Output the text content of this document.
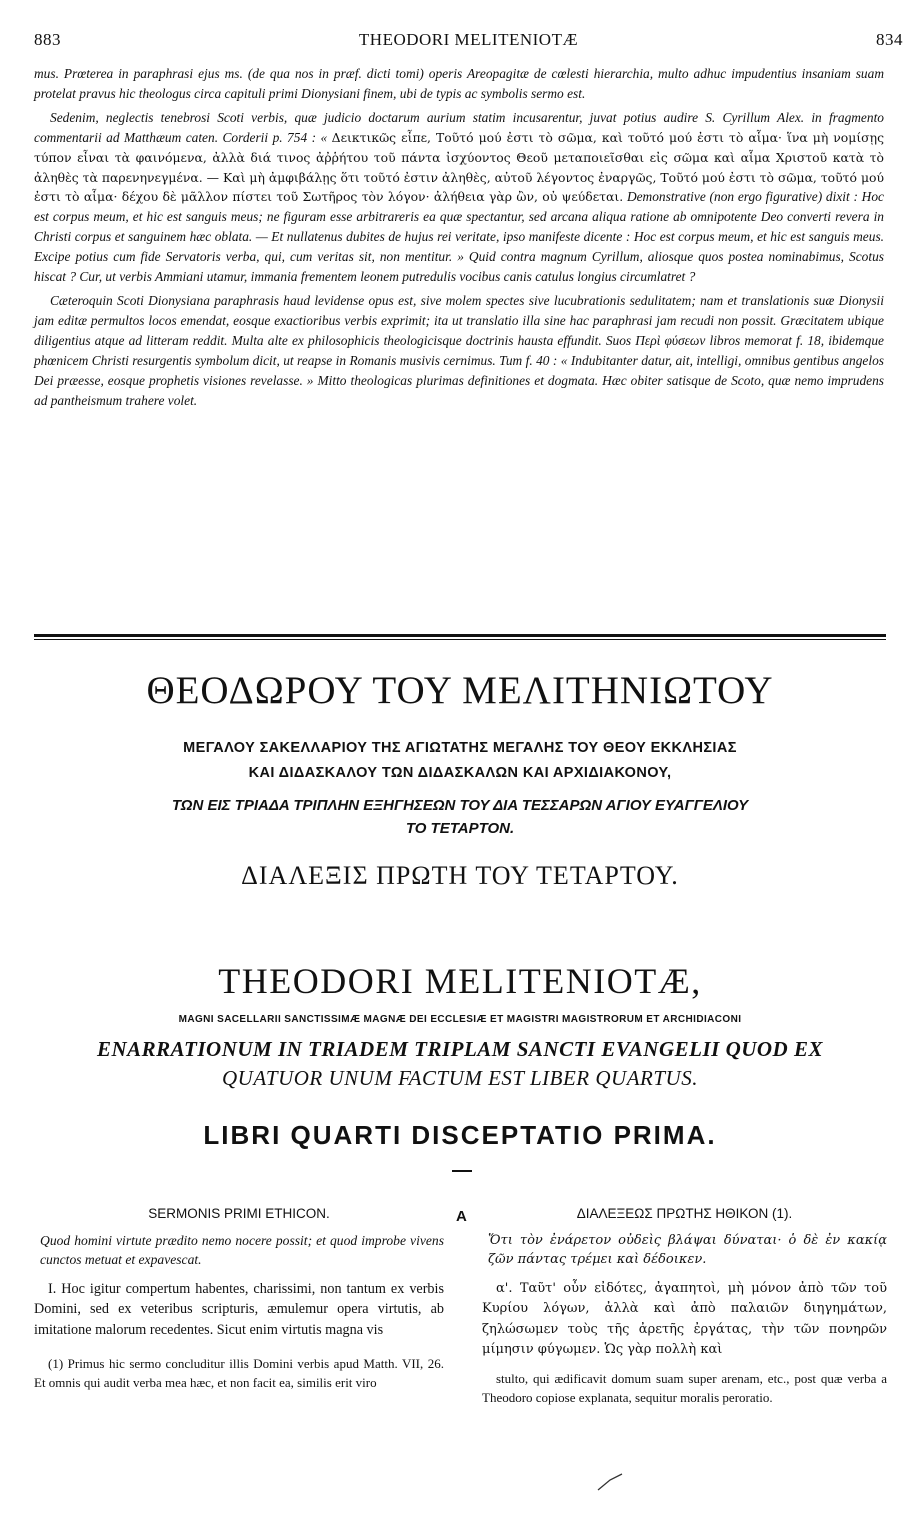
883	THEODORI MELITENIOTÆ	834

mus. Prœterea in paraphrasi ejus ms. (de qua nos in præf. dicti tomi) operis Areopagitæ de cœlesti hierarchia, multo adhuc impudentius insaniam suam protelat pravus hic theologus circa capituli primi Dionysiani finem, ubi de typis ac symbolis sermo est.

Sedenim, neglectis tenebrosi Scoti verbis, quæ judicio doctarum aurium statim incusarentur, juvat potius audire S. Cyrillum Alex. in fragmento commentarii ad Matthæum caten. Corderii p. 754 : « Δεικτικῶς εἶπε, Τοῦτό μού ἐστι τὸ σῶμα, καὶ τοῦτό μού ἐστι τὸ αἷμα· ἵνα μὴ νομίσῃς τύπον εἶναι τὰ φαινόμενα, ἀλλὰ διά τινος ἀῤῥήτου τοῦ πάντα ἰσχύοντος Θεοῦ μεταποιεῖσθαι εἰς σῶμα καὶ αἷμα Χριστοῦ κατὰ τὸ ἀληθὲς τὰ παρενηνεγμένα. — Καὶ μὴ ἀμφιβάλῃς ὅτι τοῦτό ἐστιν ἀληθὲς, αὐτοῦ λέγοντος ἐναργῶς, Τοῦτό μού ἐστι τὸ σῶμα, τοῦτό μού ἐστι τὸ αἷμα· δέχου δὲ μᾶλλον πίστει τοῦ Σωτῆρος τὸν λόγον· ἀλήθεια γὰρ ὢν, οὐ ψεύδεται. Demonstrative (non ergo figurative) dixit : Hoc est corpus meum, et hic est sanguis meus; ne figuram esse arbitrareris ea quæ spectantur, sed arcana aliqua ratione ab omnipotente Deo converti revera in Christi corpus et sanguinem hæc oblata. — Et nullatenus dubites de hujus rei veritate, ipso manifeste dicente : Hoc est corpus meum, et hic est sanguis meus. Excipe potius cum fide Servatoris verba, qui, cum veritas sit, non mentitur. » Quid contra magnum Cyrillum, aliosque quos postea nominabimus, Scotus hiscat ? Cur, ut verbis Ammiani utamur, immania frementem leonem putredulis vocibus canis catulus longius circumlatret ?

Cæteroquin Scoti Dionysiana paraphrasis haud levidense opus est, sive molem spectes sive lucubrationis sedulitatem; nam et translationis suæ Dionysii jam editæ permultos locos emendat, eosque exactioribus verbis exprimit; ita ut translatio illa sine hac paraphrasi jam recudi non possit. Græcitatem ubique diligentius atque ad litteram reddit. Multa alte ex philosophicis theologicisque doctrinis hausta effundit. Suos Περὶ φύσεων libros memorat f. 18, ibidemque phœnicem Christi resurgentis symbolum dicit, ut reapse in Romanis musivis cernimus. Tum f. 40 : « Indubitanter datur, ait, intelligi, omnibus gentibus angelos Dei præesse, eosque prophetis visiones revelasse. » Mitto theologicas plurimas definitiones et dogmata. Hæc obiter satisque de Scoto, quæ nemo imprudens ad pantheismum trahere volet.

ΘΕΟΔΩΡΟΥ ΤΟΥ ΜΕΛΙΤΗΝΙΩΤΟΥ
ΜΕΓΑΛΟΥ ΣΑΚΕΛΛΑΡΙΟΥ ΤΗΣ ΑΓΙΩΤΑΤΗΣ ΜΕΓΑΛΗΣ ΤΟΥ ΘΕΟΥ ΕΚΚΛΗΣΙΑΣ
ΚΑΙ ΔΙΔΑΣΚΑΛΟΥ ΤΩΝ ΔΙΔΑΣΚΑΛΩΝ ΚΑΙ ΑΡΧΙΔΙΑΚΟΝΟΥ,
ΤΩΝ ΕΙΣ ΤΡΙΑΔΑ ΤΡΙΠΛΗΝ ΕΞΗΓΗΣΕΩΝ ΤΟΥ ΔΙΑ ΤΕΣΣΑΡΩΝ ΑΓΙΟΥ ΕΥΑΓΓΕΛΙΟΥ
ΤΟ ΤΕΤΑΡΤΟΝ.
ΔΙΑΛΕΞΙΣ ΠΡΩΤΗ ΤΟΥ ΤΕΤΑΡΤΟΥ.
THEODORI MELITENIOTÆ,
MAGNI SACELLARII SANCTISSIMÆ MAGNÆ DEI ECCLESIÆ ET MAGISTRI MAGISTRORUM ET ARCHIDIACONI
ENARRATIONUM IN TRIADEM TRIPLAM SANCTI EVANGELII QUOD EX
QUATUOR UNUM FACTUM EST LIBER QUARTUS.
LIBRI QUARTI DISCEPTATIO PRIMA.
A
SERMONIS PRIMI ETHICON.
Quod homini virtute prædito nemo nocere possit; et quod improbe vivens cunctos metuat et expavescat.
I. Hoc igitur compertum habentes, charissimi, non tantum ex verbis Domini, sed ex veteribus scripturis, æmulemur opera virtutis, ab imitatione malorum recedentes. Sicut enim virtutis magna vis
(1) Primus hic sermo concluditur illis Domini verbis apud Matth. VII, 26. Et omnis qui audit verba mea hæc, et non facit ea, similis erit viro
ΔΙΑΛΕΞΕΩΣ ΠΡΩΤΗΣ ΗΘΙΚΟΝ (1).
Ὅτι τὸν ἐνάρετον οὐδεὶς βλάψαι δύναται· ὁ δὲ ἐν κακίᾳ ζῶν πάντας τρέμει καὶ δέδοικεν.
α'. Ταῦτ' οὖν εἰδότες, ἀγαπητοὶ, μὴ μόνον ἀπὸ τῶν τοῦ Κυρίου λόγων, ἀλλὰ καὶ ἀπὸ παλαιῶν διηγημάτων, ζηλώσωμεν τοὺς τῆς ἀρετῆς ἐργάτας, τὴν τῶν πονηρῶν μίμησιν φύγωμεν. Ὡς γὰρ πολλὴ καὶ
stulto, qui ædificavit domum suam super arenam, etc., post quæ verba a Theodoro copiose explanata, sequitur moralis peroratio.
